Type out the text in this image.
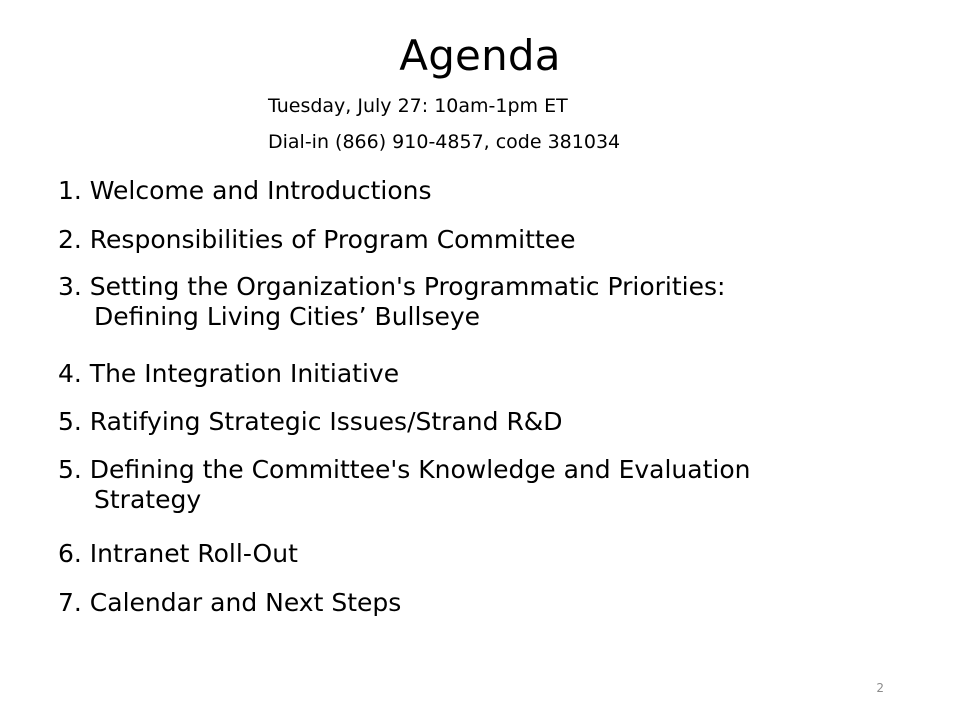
Agenda
Tuesday, July 27: 10am-1pm ET
Dial-in (866) 910-4857, code 381034
1. Welcome and Introductions
2. Responsibilities of Program Committee
3. Setting the Organization's Programmatic Priorities:
Defining Living Cities’ Bullseye
4. The Integration Initiative
5. Ratifying Strategic Issues/Strand R&D
5. Defining the Committee's Knowledge and Evaluation
Strategy
6. Intranet Roll-Out
7. Calendar and Next Steps
2
